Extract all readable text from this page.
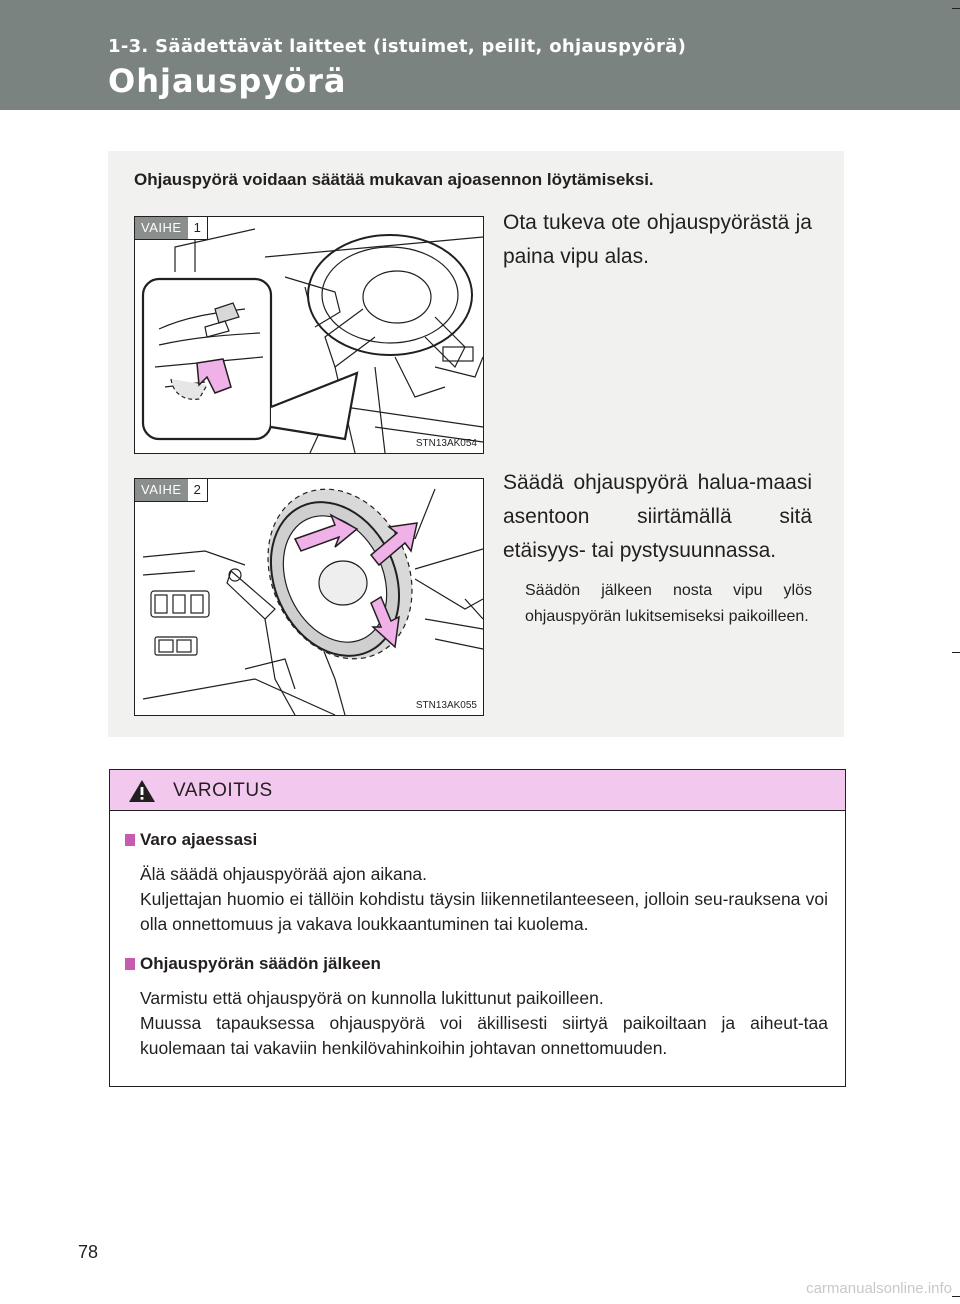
1-3. Säädettävät laitteet (istuimet, peilit, ohjauspyörä)
Ohjauspyörä
Ohjauspyörä voidaan säätää mukavan ajoasennon löytämiseksi.
VAIHE 1
STN13AK054
Ota tukeva ote ohjauspyörästä ja paina vipu alas.
VAIHE 2
STN13AK055
Säädä ohjauspyörä halua-maasi asentoon siirtämällä sitä etäisyys- tai pystysuunnassa.
Säädön jälkeen nosta vipu ylös ohjauspyörän lukitsemiseksi paikoilleen.
VAROITUS
Varo ajaessasi
Älä säädä ohjauspyörää ajon aikana.
Kuljettajan huomio ei tällöin kohdistu täysin liikennetilanteeseen, jolloin seu-rauksena voi olla onnettomuus ja vakava loukkaantuminen tai kuolema.
Ohjauspyörän säädön jälkeen
Varmistu että ohjauspyörä on kunnolla lukittunut paikoilleen.
Muussa tapauksessa ohjauspyörä voi äkillisesti siirtyä paikoiltaan ja aiheut-taa kuolemaan tai vakaviin henkilövahinkoihin johtavan onnettomuuden.
78
carmanualsonline.info
